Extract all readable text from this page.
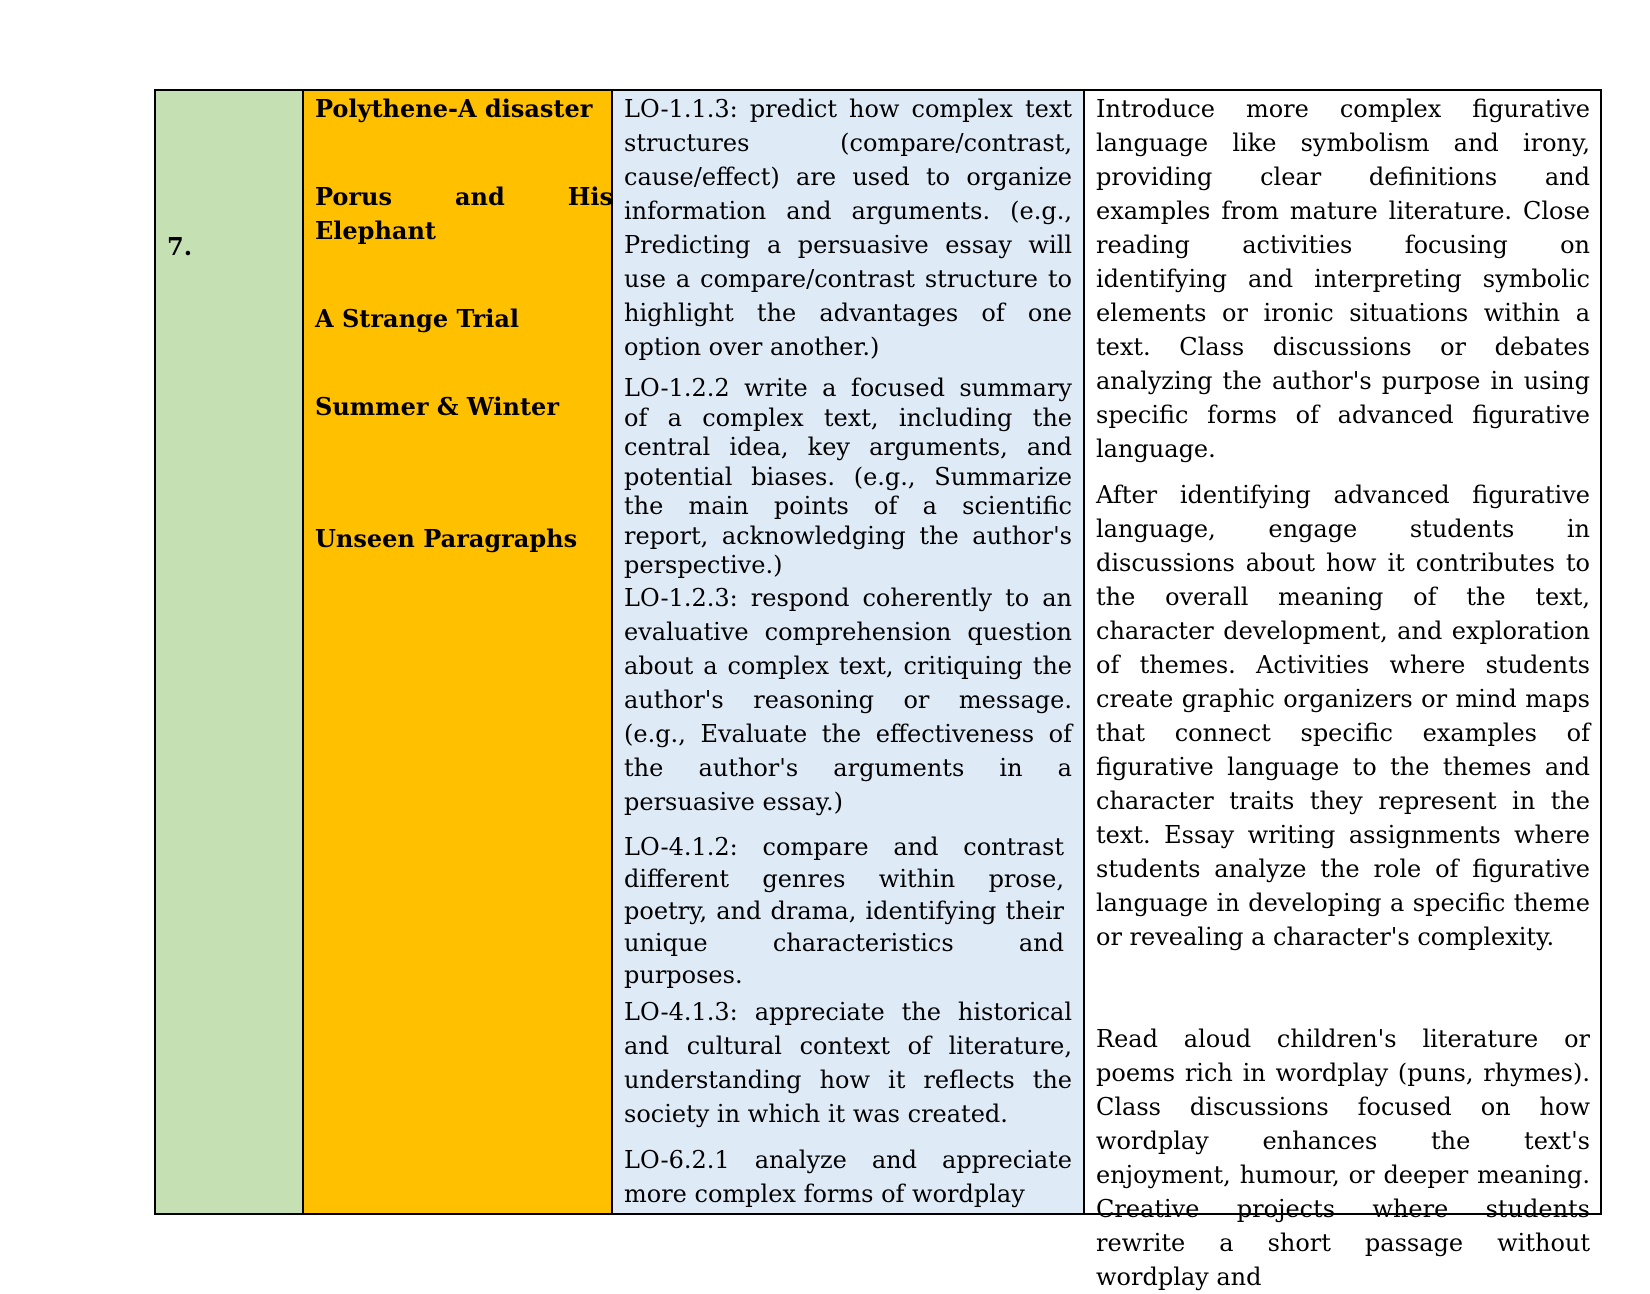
7.
Polythene-A disaster
Porus and His Elephant
A Strange Trial
Summer & Winter
Unseen Paragraphs

LO-1.1.3: predict how complex text structures (compare/contrast, cause/effect) are used to organize information and arguments. (e.g., Predicting a persuasive essay will use a compare/contrast structure to highlight the advantages of one option over another.)

LO-1.2.2 write a focused summary of a complex text, including the central idea, key arguments, and potential biases. (e.g., Summarize the main points of a scientific report, acknowledging the author's perspective.)

LO-1.2.3: respond coherently to an evaluative comprehension question about a complex text, critiquing the author's reasoning or message. (e.g., Evaluate the effectiveness of the author's arguments in a persuasive essay.)

LO-4.1.2: compare and contrast different genres within prose, poetry, and drama, identifying their unique characteristics and purposes.

LO-4.1.3: appreciate the historical and cultural context of literature, understanding how it reflects the society in which it was created.

LO-6.2.1 analyze and appreciate more complex forms of wordplay

Introduce more complex figurative language like symbolism and irony, providing clear definitions and examples from mature literature. Close reading activities focusing on identifying and interpreting symbolic elements or ironic situations within a text. Class discussions or debates analyzing the author's purpose in using specific forms of advanced figurative language.

After identifying advanced figurative language, engage students in discussions about how it contributes to the overall meaning of the text, character development, and exploration of themes. Activities where students create graphic organizers or mind maps that connect specific examples of figurative language to the themes and character traits they represent in the text. Essay writing assignments where students analyze the role of figurative language in developing a specific theme or revealing a character's complexity.

Read aloud children's literature or poems rich in wordplay (puns, rhymes). Class discussions focused on how wordplay enhances the text's enjoyment, humour, or deeper meaning. Creative projects where students rewrite a short passage without wordplay and
